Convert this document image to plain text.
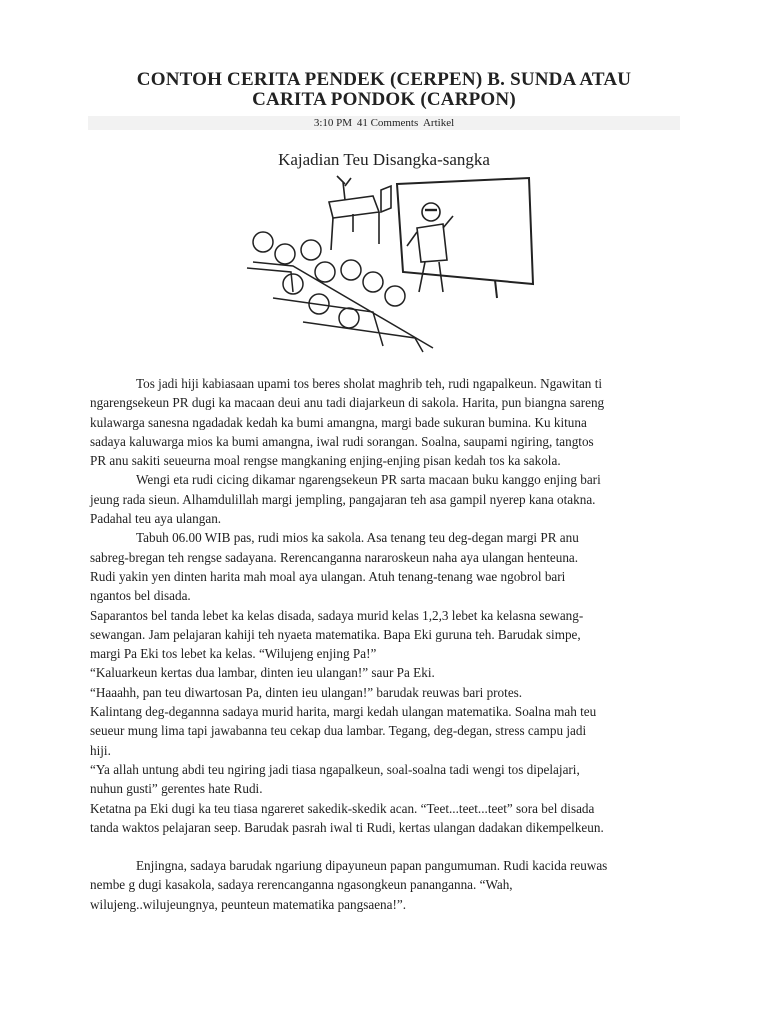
CONTOH CERITA PENDEK (CERPEN) B. SUNDA ATAU
CARITA PONDOK (CARPON)
3:10 PM 41 Comments Artikel
Kajadian Teu Disangka-sangka

Tos jadi hiji kabiasaan upami tos beres sholat maghrib teh, rudi ngapalkeun. Ngawitan ti

ngarengsekeun PR dugi ka macaan deui anu tadi diajarkeun di sakola. Harita, pun biangna sareng

kulawarga sanesna ngadadak kedah ka bumi amangna, margi bade sukuran bumina. Ku kituna

sadaya kaluwarga mios ka bumi amangna, iwal rudi sorangan. Soalna, saupami ngiring, tangtos

PR anu sakiti seueurna moal rengse mangkaning enjing-enjing pisan kedah tos ka sakola.

Wengi eta rudi cicing dikamar ngarengsekeun PR sarta macaan buku kanggo enjing bari

jeung rada sieun. Alhamdulillah margi jempling, pangajaran teh asa gampil nyerep kana otakna.

Padahal teu aya ulangan.

Tabuh 06.00 WIB pas, rudi mios ka sakola. Asa tenang teu deg-degan margi PR anu

sabreg-bregan teh rengse sadayana. Rerencanganna nararoskeun naha aya ulangan henteuna.

Rudi yakin yen dinten harita mah moal aya ulangan. Atuh tenang-tenang wae ngobrol bari

ngantos bel disada.

Saparantos bel tanda lebet ka kelas disada, sadaya murid kelas 1,2,3 lebet ka kelasna sewang-

sewangan. Jam pelajaran kahiji teh nyaeta matematika. Bapa Eki guruna teh. Barudak simpe,

margi Pa Eki tos lebet ka kelas. “Wilujeng enjing Pa!”

“Kaluarkeun kertas dua lambar, dinten ieu ulangan!” saur Pa Eki.

“Haaahh, pan teu diwartosan Pa, dinten ieu ulangan!” barudak reuwas bari protes.

Kalintang deg-degannna sadaya murid harita, margi kedah ulangan matematika. Soalna mah teu

seueur mung lima tapi jawabanna teu cekap dua lambar. Tegang, deg-degan, stress campu jadi

hiji.

“Ya allah untung abdi teu ngiring jadi tiasa ngapalkeun, soal-soalna tadi wengi tos dipelajari,

nuhun gusti” gerentes hate Rudi.

Ketatna pa Eki dugi ka teu tiasa ngareret sakedik-skedik acan. “Teet...teet...teet” sora bel disada

tanda waktos pelajaran seep. Barudak pasrah iwal ti Rudi, kertas ulangan dadakan dikempelkeun.

Enjingna, sadaya barudak ngariung dipayuneun papan pangumuman. Rudi kacida reuwas

nembe g dugi kasakola, sadaya rerencanganna ngasongkeun pananganna. “Wah,

wilujeng..wilujeungnya, peunteun matematika pangsaena!”.
